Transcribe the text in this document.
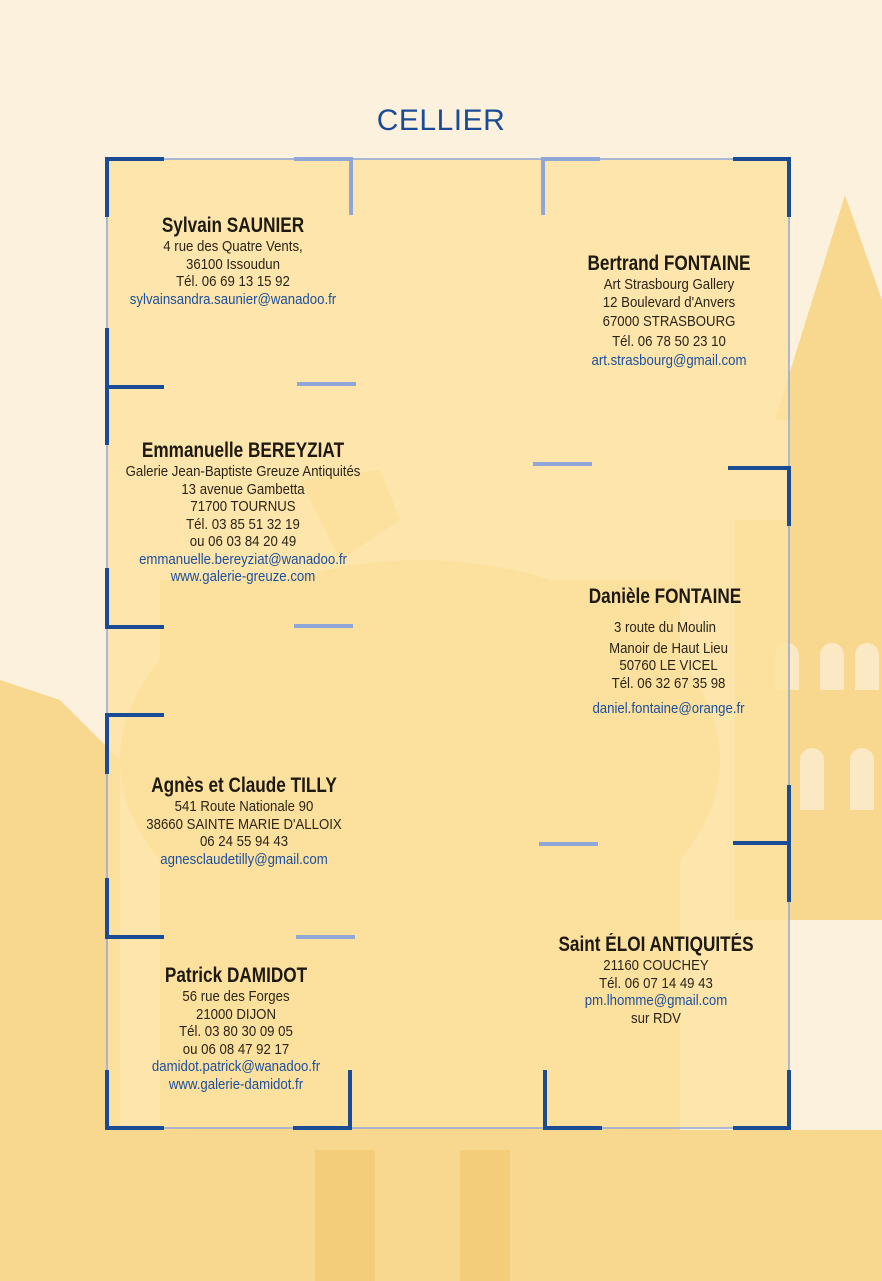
CELLIER
Sylvain SAUNIER
4 rue des Quatre Vents,
36100 Issoudun
Tél. 06 69 13 15 92
sylvainsandra.saunier@wanadoo.fr
Bertrand FONTAINE
Art Strasbourg Gallery
12 Boulevard d'Anvers
67000 STRASBOURG
Tél. 06 78 50 23 10
art.strasbourg@gmail.com
Emmanuelle BEREYZIAT
Galerie Jean-Baptiste Greuze Antiquités
13 avenue Gambetta
71700 TOURNUS
Tél. 03 85 51 32 19
ou 06 03 84 20 49
emmanuelle.bereyziat@wanadoo.fr
www.galerie-greuze.com
Danièle FONTAINE
3 route du Moulin
Manoir de Haut Lieu
50760 LE VICEL
Tél. 06 32 67 35 98
daniel.fontaine@orange.fr
Agnès et Claude TILLY
541 Route Nationale 90
38660 SAINTE MARIE D'ALLOIX
06 24 55 94 43
agnesclaudetilly@gmail.com
Saint ÉLOI ANTIQUITÉS
21160 COUCHEY
Tél. 06 07 14 49 43
pm.lhomme@gmail.com
sur RDV
Patrick DAMIDOT
56 rue des Forges
21000 DIJON
Tél. 03 80 30 09 05
ou 06 08 47 92 17
damidot.patrick@wanadoo.fr
www.galerie-damidot.fr
